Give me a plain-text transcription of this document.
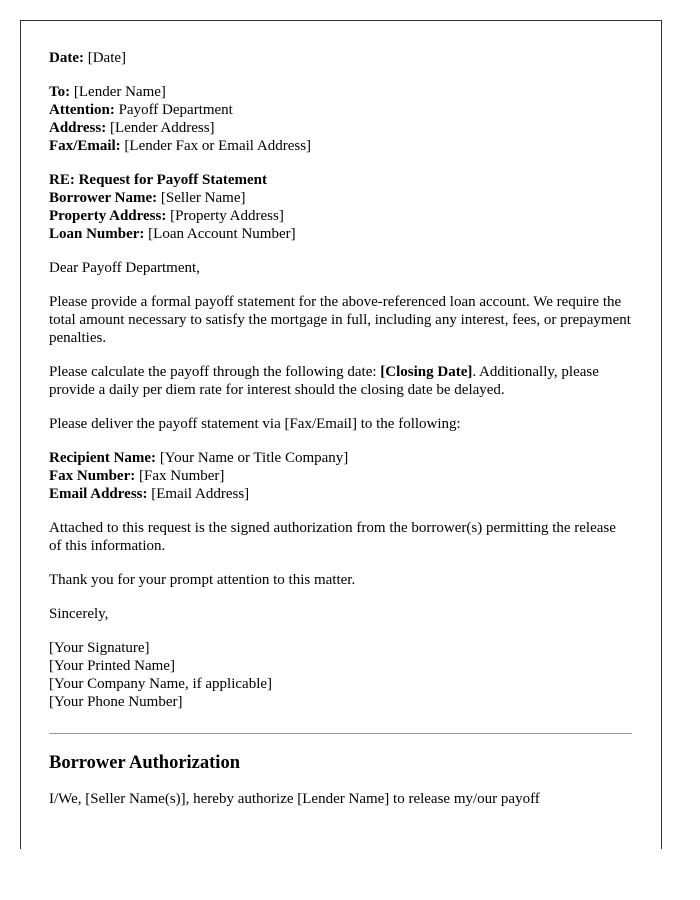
Date: [Date]

To: [Lender Name]
Attention: Payoff Department
Address: [Lender Address]
Fax/Email: [Lender Fax or Email Address]

RE: Request for Payoff Statement
Borrower Name: [Seller Name]
Property Address: [Property Address]
Loan Number: [Loan Account Number]

Dear Payoff Department,

Please provide a formal payoff statement for the above-referenced loan account. We require the total amount necessary to satisfy the mortgage in full, including any interest, fees, or prepayment penalties.

Please calculate the payoff through the following date: [Closing Date]. Additionally, please provide a daily per diem rate for interest should the closing date be delayed.

Please deliver the payoff statement via [Fax/Email] to the following:

Recipient Name: [Your Name or Title Company]
Fax Number: [Fax Number]
Email Address: [Email Address]

Attached to this request is the signed authorization from the borrower(s) permitting the release of this information.

Thank you for your prompt attention to this matter.

Sincerely,

[Your Signature]
[Your Printed Name]
[Your Company Name, if applicable]
[Your Phone Number]

Borrower Authorization

I/We, [Seller Name(s)], hereby authorize [Lender Name] to release my/our payoff
